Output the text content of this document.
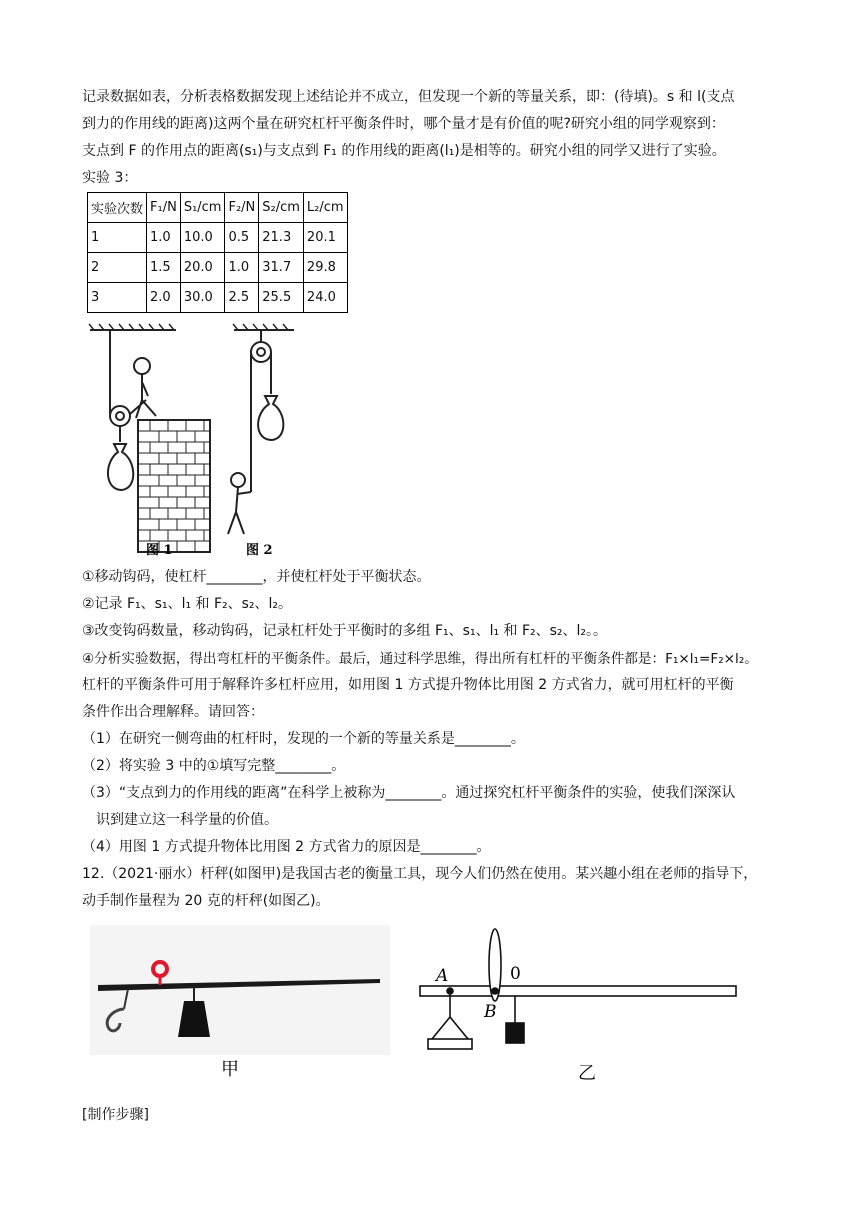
记录数据如表，分析表格数据发现上述结论并不成立，但发现一个新的等量关系，即：(待填)。s 和 l(支点

到力的作用线的距离)这两个量在研究杠杆平衡条件时，哪个量才是有价值的呢?研究小组的同学观察到：

支点到 F 的作用点的距离(s₁)与支点到 F₁ 的作用线的距离(l₁)是相等的。研究小组的同学又进行了实验。

实验 3：

实验次数	F₁/N	S₁/cm	F₂/N	S₂/cm	L₂/cm
1	1.0	10.0	0.5	21.3	20.1
2	1.5	20.0	1.0	31.7	29.8
3	2.0	30.0	2.5	25.5	24.0
图 1	图 2

①移动钩码，使杠杆________，并使杠杆处于平衡状态。

②记录 F₁、s₁、l₁ 和 F₂、s₂、l₂。

③改变钩码数量，移动钩码，记录杠杆处于平衡时的多组 F₁、s₁、l₁ 和 F₂、s₂、l₂。。

④分析实验数据，得出弯杠杆的平衡条件。最后，通过科学思维，得出所有杠杆的平衡条件都是：F₁×l₁=F₂×l₂。

杠杆的平衡条件可用于解释许多杠杆应用，如用图 1 方式提升物体比用图 2 方式省力，就可用杠杆的平衡

条件作出合理解释。请回答：

（1）在研究一侧弯曲的杠杆时，发现的一个新的等量关系是________。

（2）将实验 3 中的①填写完整________。

（3）“支点到力的作用线的距离”在科学上被称为________。通过探究杠杆平衡条件的实验，使我们深深认

识到建立这一科学量的价值。

（4）用图 1 方式提升物体比用图 2 方式省力的原因是________。

12.（2021·丽水）杆秤(如图甲)是我国古老的衡量工具，现今人们仍然在使用。某兴趣小组在老师的指导下，

动手制作量程为 20 克的杆秤(如图乙)。

甲
A
B
0
乙

[制作步骤]
